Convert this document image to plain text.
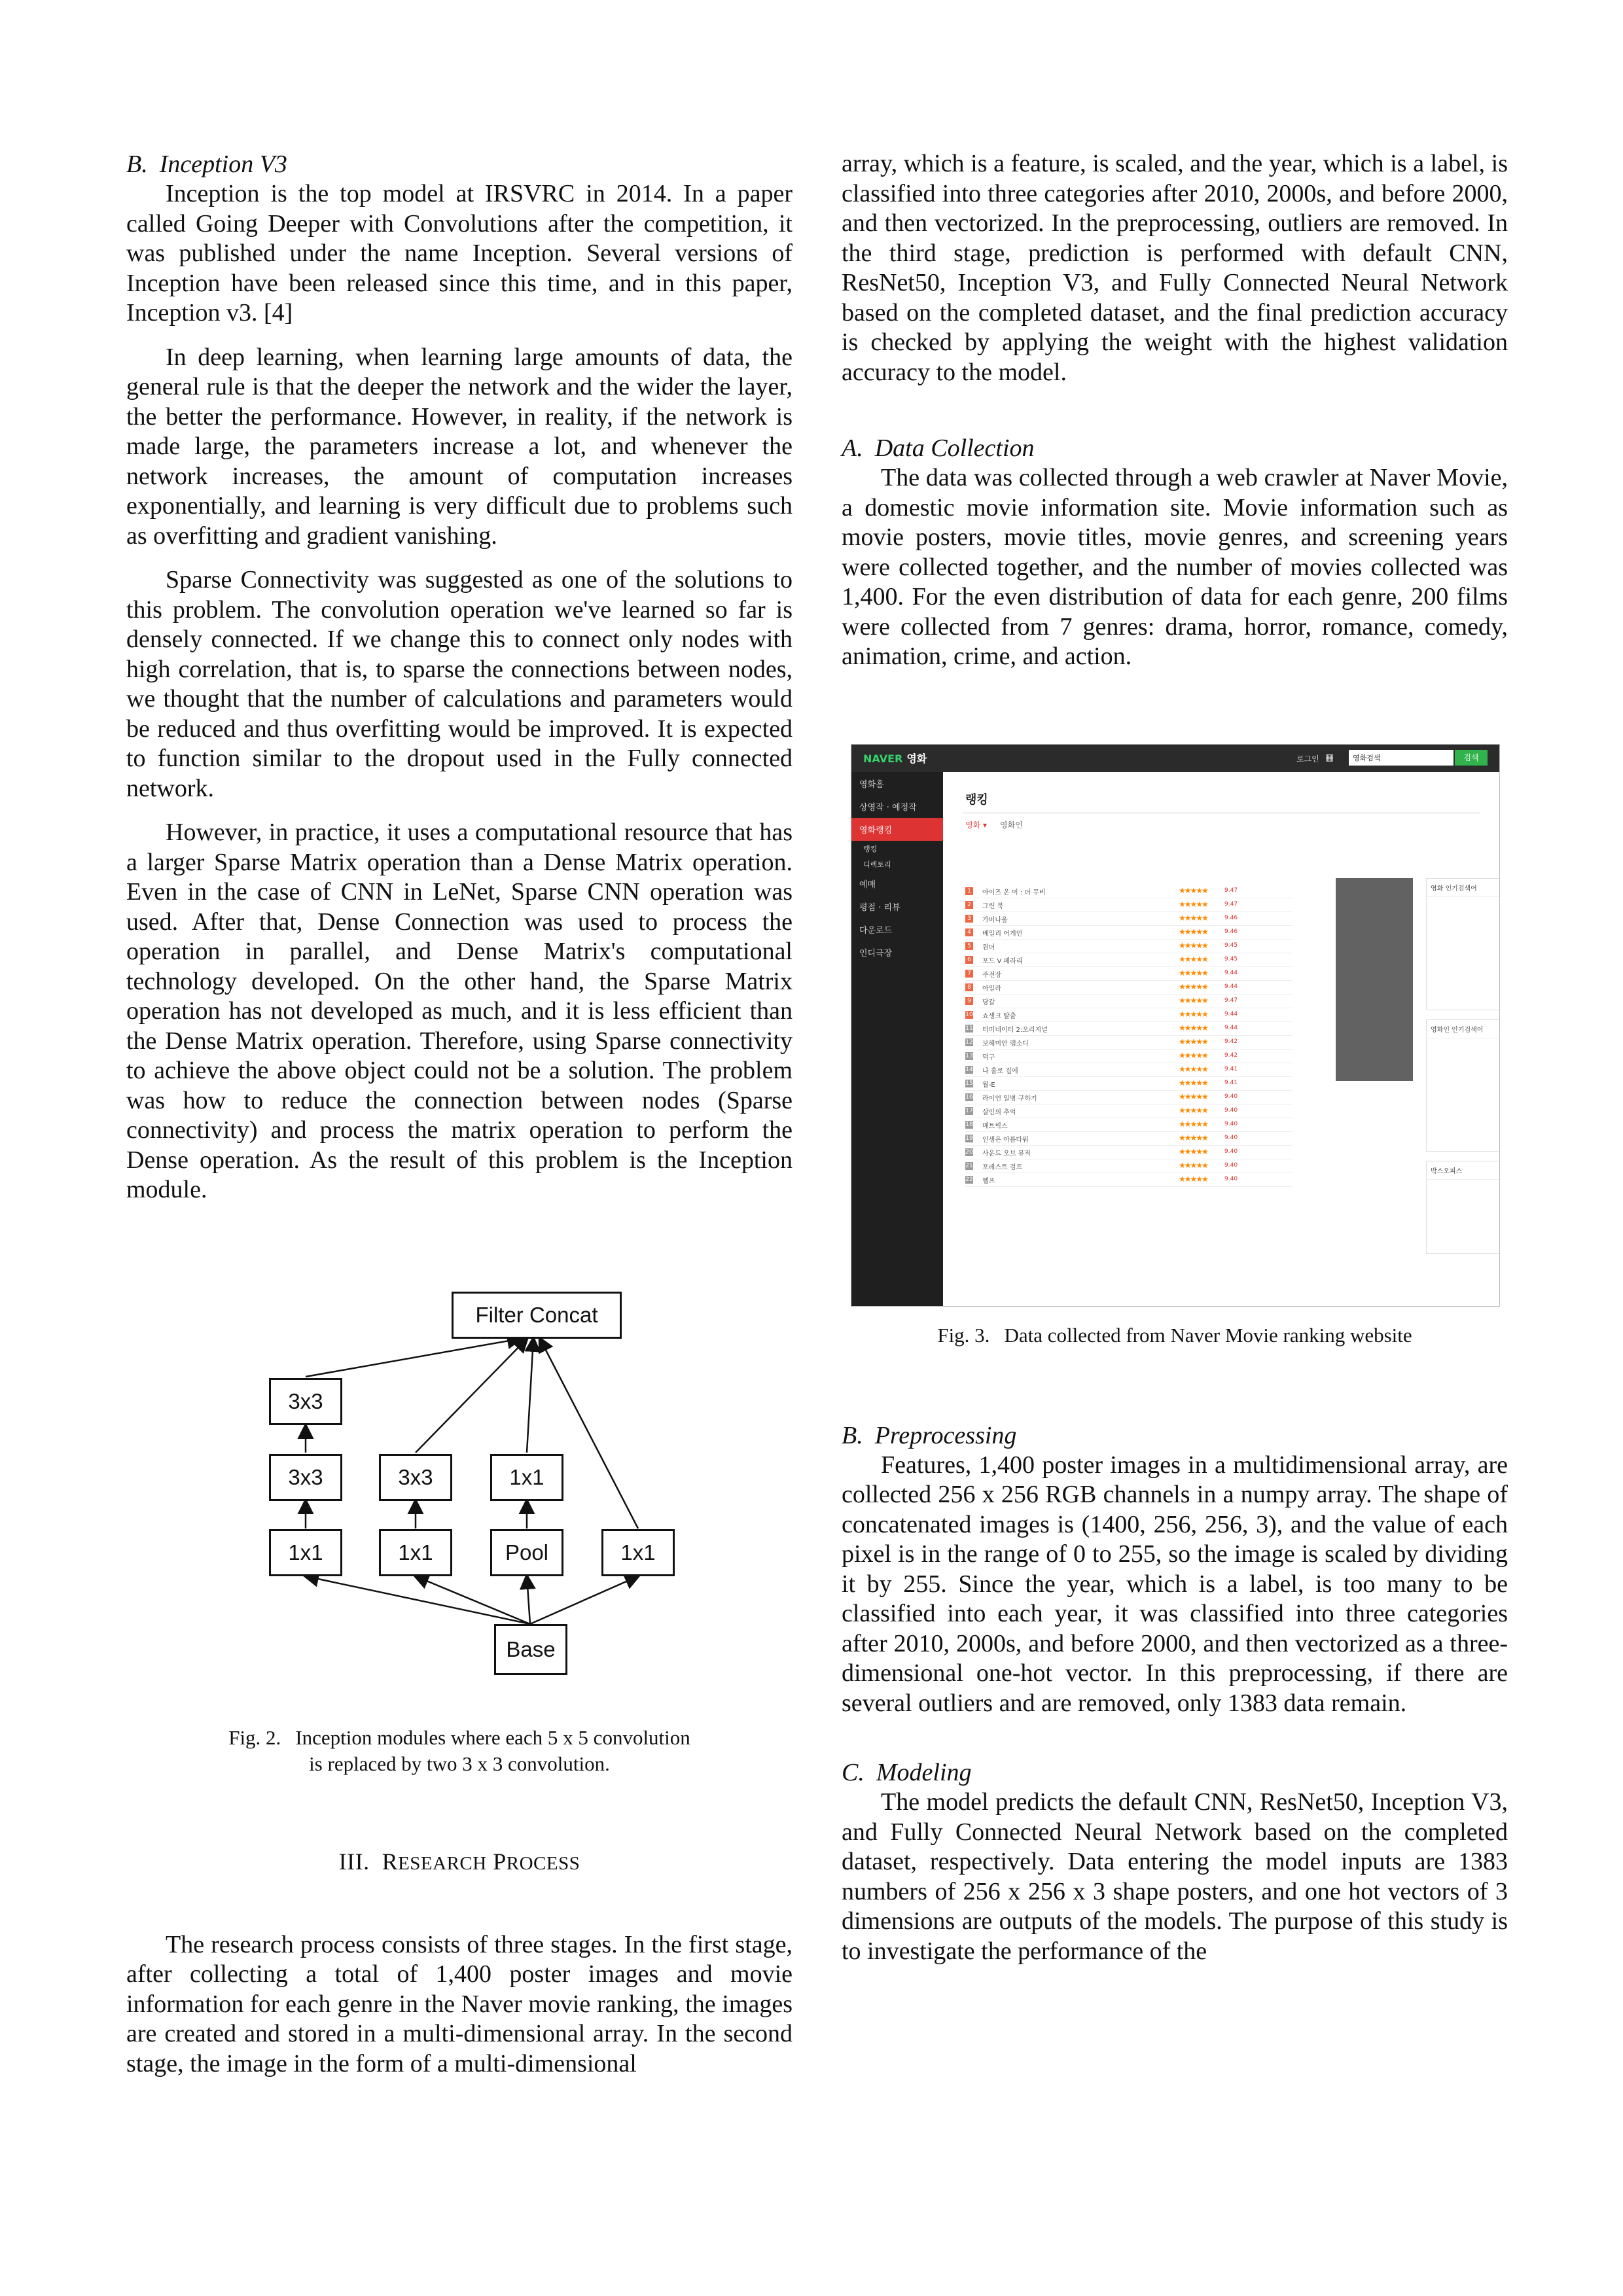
B. Inception V3

Inception is the top model at IRSVRC in 2014. In a paper called Going Deeper with Convolutions after the competition, it was published under the name Inception. Several versions of Inception have been released since this time, and in this paper, Inception v3. [4]

In deep learning, when learning large amounts of data, the general rule is that the deeper the network and the wider the layer, the better the performance. However, in reality, if the network is made large, the parameters increase a lot, and whenever the network increases, the amount of computation increases exponentially, and learning is very difficult due to problems such as overfitting and gradient vanishing.

Sparse Connectivity was suggested as one of the solutions to this problem. The convolution operation we've learned so far is densely connected. If we change this to connect only nodes with high correlation, that is, to sparse the connections between nodes, we thought that the number of calculations and parameters would be reduced and thus overfitting would be improved. It is expected to function similar to the dropout used in the Fully connected network.

However, in practice, it uses a computational resource that has a larger Sparse Matrix operation than a Dense Matrix operation. Even in the case of CNN in LeNet, Sparse CNN operation was used. After that, Dense Connection was used to process the operation in parallel, and Dense Matrix's computational technology developed. On the other hand, the Sparse Matrix operation has not developed as much, and it is less efficient than the Dense Matrix operation. Therefore, using Sparse connectivity to achieve the above object could not be a solution. The problem was how to reduce the connection between nodes (Sparse connectivity) and process the matrix operation to perform the Dense operation. As the result of this problem is the Inception module.

Filter Concat
3x3
3x3	3x3	1x1
1x1	1x1	Pool	1x1
Base
Fig. 2. Inception modules where each 5 x 5 convolution
is replaced by two 3 x 3 convolution.
III. RESEARCH PROCESS

The research process consists of three stages. In the first stage, after collecting a total of 1,400 poster images and movie information for each genre in the Naver movie ranking, the images are created and stored in a multi-dimensional array. In the second stage, the image in the form of a multi-dimensional

array, which is a feature, is scaled, and the year, which is a label, is classified into three categories after 2010, 2000s, and before 2000, and then vectorized. In the preprocessing, outliers are removed. In the third stage, prediction is performed with default CNN, ResNet50, Inception V3, and Fully Connected Neural Network based on the completed dataset, and the final prediction accuracy is checked by applying the weight with the highest validation accuracy to the model.

A. Data Collection

The data was collected through a web crawler at Naver Movie, a domestic movie information site. Movie information such as movie posters, movie titles, movie genres, and screening years were collected together, and the number of movies collected was 1,400. For the even distribution of data for each genre, 200 films were collected from 7 genres: drama, horror, romance, comedy, animation, crime, and action.

NAVER 영화	로그인 ▦	영화검색	검색
영화홈
상영작 · 예정작
영화랭킹
랭킹
디렉토리
예매
평점 · 리뷰
다운로드
인디극장
랭킹
영화 ▾ 영화인
1	아이즈 온 미 : 더 무비	★★★★★	9.47
2	그린 북	★★★★★	9.47
3	가버나움	★★★★★	9.46
4	베일리 어게인	★★★★★	9.46
5	원더	★★★★★	9.45
6	포드 V 페라리	★★★★★	9.45
7	주전장	★★★★★	9.44
8	아일라	★★★★★	9.44
9	당갈	★★★★★	9.47
10 쇼생크 탈출	★★★★★	9.44
11 터미네이터 2:오리지널	★★★★★	9.44
12 보헤미안 랩소디	★★★★★	9.42
13 덕구	★★★★★	9.42
14 나 홀로 집에	★★★★★	9.41
15 월-E	★★★★★	9.41
16 라이언 일병 구하기	★★★★★	9.40
17 살인의 추억	★★★★★	9.40
18 매트릭스	★★★★★	9.40
19 인생은 아름다워	★★★★★	9.40
20 사운드 오브 뮤직	★★★★★	9.40
21 포레스트 검프	★★★★★	9.40
22 헬프	★★★★★	9.40
영화 인기검색어
영화인 인기검색어
박스오피스
Fig. 3. Data collected from Naver Movie ranking website
B. Preprocessing

Features, 1,400 poster images in a multidimensional array, are collected 256 x 256 RGB channels in a numpy array. The shape of concatenated images is (1400, 256, 256, 3), and the value of each pixel is in the range of 0 to 255, so the image is scaled by dividing it by 255. Since the year, which is a label, is too many to be classified into each year, it was classified into three categories after 2010, 2000s, and before 2000, and then vectorized as a three-dimensional one-hot vector. In this preprocessing, if there are several outliers and are removed, only 1383 data remain.

C. Modeling

The model predicts the default CNN, ResNet50, Inception V3, and Fully Connected Neural Network based on the completed dataset, respectively. Data entering the model inputs are 1383 numbers of 256 x 256 x 3 shape posters, and one hot vectors of 3 dimensions are outputs of the models. The purpose of this study is to investigate the performance of the
